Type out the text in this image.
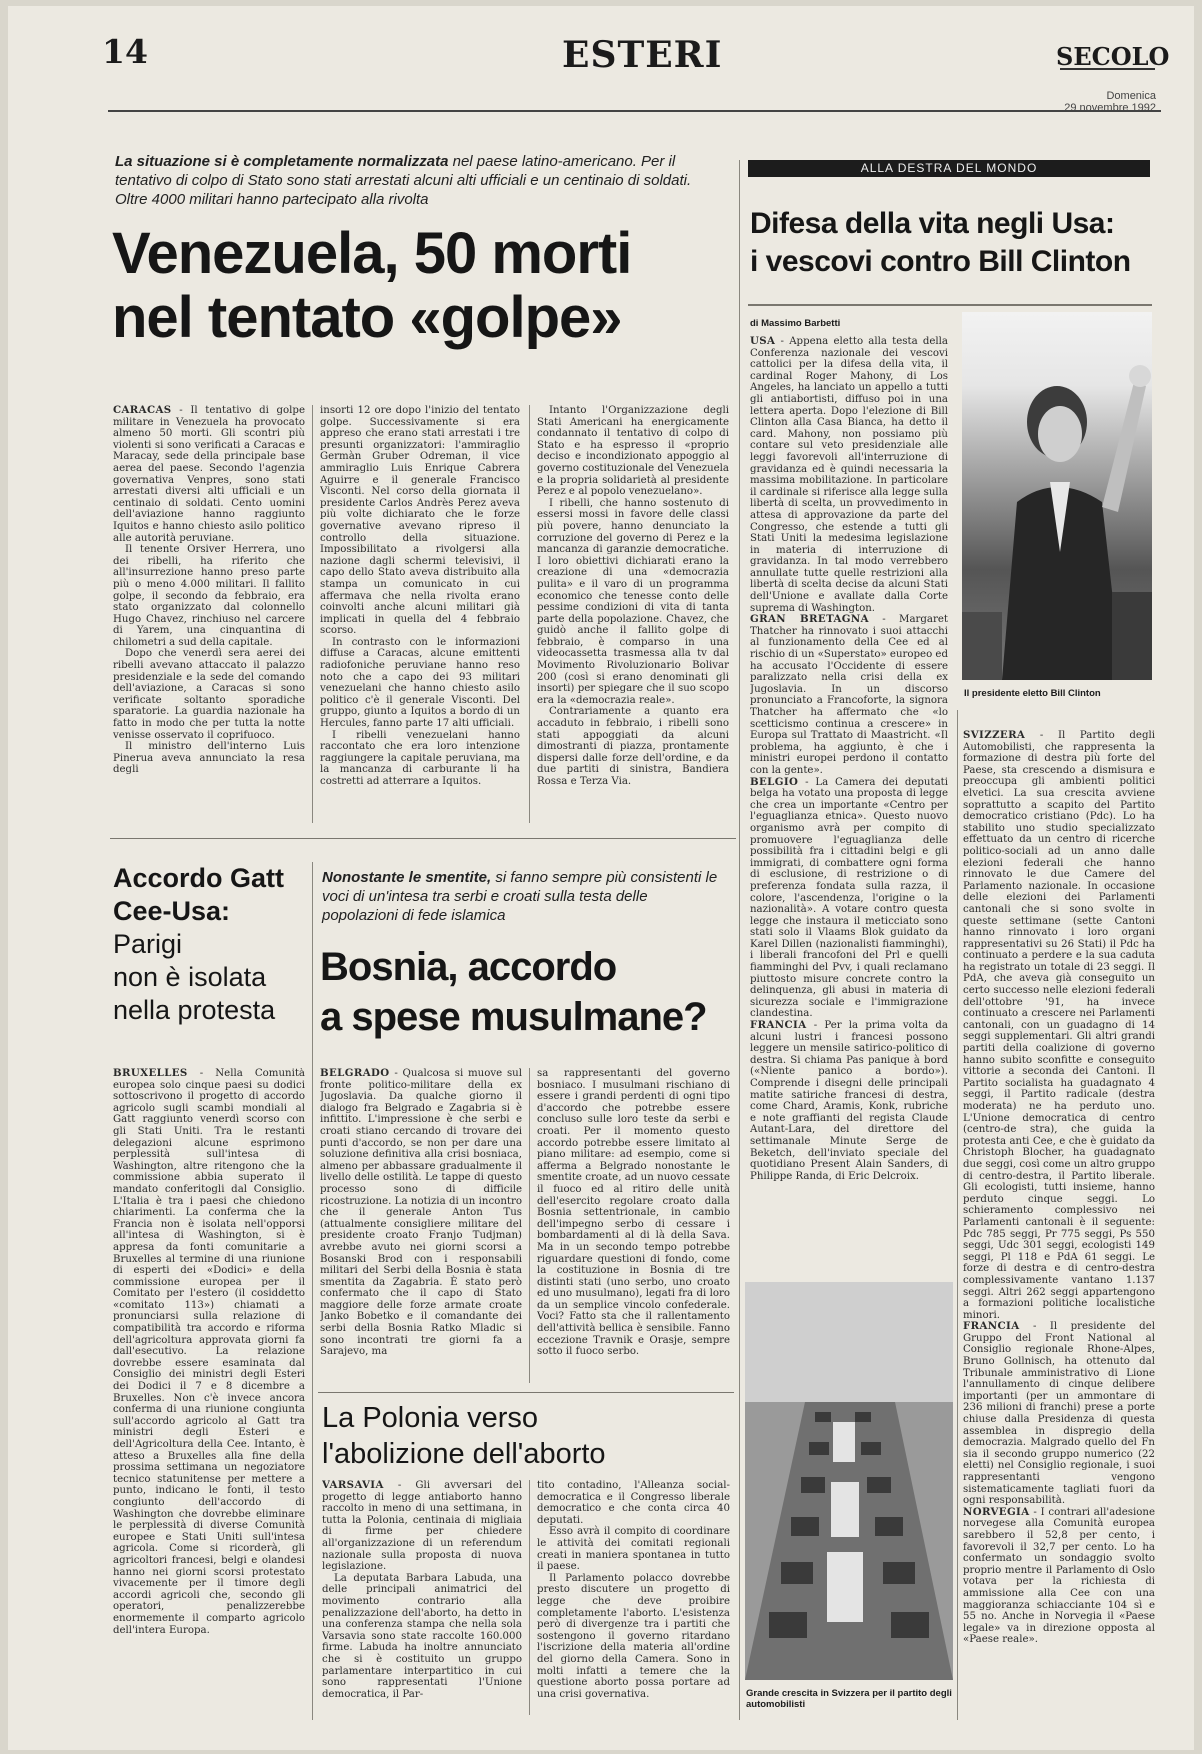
14	ESTERI	SECOLO
Domenica
29 novembre 1992
La situazione si è completamente normalizzata nel paese latino-americano. Per il tentativo di colpo di Stato sono stati arrestati alcuni alti ufficiali e un centinaio di soldati. Oltre 4000 militari hanno partecipato alla rivolta
Venezuela, 50 morti
nel tentato «golpe»
CARACAS - Il tentativo di golpe militare in Venezuela ha provocato almeno 50 morti. Gli scontri più violenti si sono verificati a Caracas e Maracay, sede della principale base aerea del paese. Secondo l'agenzia governativa Venpres, sono stati arrestati diversi alti ufficiali e un centinaio di soldati. Cento uomini dell'aviazione hanno raggiunto Iquitos e hanno chiesto asilo politico alle autorità peruviane.
Il tenente Orsiver Herrera, uno dei ribelli, ha riferito che all'insurrezione hanno preso parte più o meno 4.000 militari. Il fallito golpe, il secondo da febbraio, era stato organizzato dal colonnello Hugo Chavez, rinchiuso nel carcere di Yarem, una cinquantina di chilometri a sud della capitale.
Dopo che venerdì sera aerei dei ribelli avevano attaccato il palazzo presidenziale e la sede del comando dell'aviazione, a Caracas si sono verificate soltanto sporadiche sparatorie. La guardia nazionale ha fatto in modo che per tutta la notte venisse osservato il coprifuoco.
Il ministro dell'interno Luis Pinerua aveva annunciato la resa degli
insorti 12 ore dopo l'inizio del tentato golpe. Successivamente si era appreso che erano stati arrestati i tre presunti organizzatori: l'ammiraglio Germàn Gruber Odreman, il vice ammiraglio Luis Enrique Cabrera Aguirre e il generale Francisco Visconti. Nel corso della giornata il presidente Carlos Andrès Perez aveva più volte dichiarato che le forze governative avevano ripreso il controllo della situazione. Impossibilitato a rivolgersi alla nazione dagli schermi televisivi, il capo dello Stato aveva distribuito alla stampa un comunicato in cui affermava che nella rivolta erano coinvolti anche alcuni militari già implicati in quella del 4 febbraio scorso.
In contrasto con le informazioni diffuse a Caracas, alcune emittenti radiofoniche peruviane hanno reso noto che a capo dei 93 militari venezuelani che hanno chiesto asilo politico c'è il generale Visconti. Del gruppo, giunto a Iquitos a bordo di un Hercules, fanno parte 17 alti ufficiali.
I ribelli venezuelani hanno raccontato che era loro intenzione raggiungere la capitale peruviana, ma la mancanza di carburante li ha costretti ad atterrare a Iquitos.
Intanto l'Organizzazione degli Stati Americani ha energicamente condannato il tentativo di colpo di Stato e ha espresso il «proprio deciso e incondizionato appoggio al governo costituzionale del Venezuela e la propria solidarietà al presidente Perez e al popolo venezuelano».
I ribelli, che hanno sostenuto di essersi mossi in favore delle classi più povere, hanno denunciato la corruzione del governo di Perez e la mancanza di garanzie democratiche. I loro obiettivi dichiarati erano la creazione di una «democrazia pulita» e il varo di un programma economico che tenesse conto delle pessime condizioni di vita di tanta parte della popolazione. Chavez, che guidò anche il fallito golpe di febbraio, è comparso in una videocassetta trasmessa alla tv dal Movimento Rivoluzionario Bolivar 200 (così si erano denominati gli insorti) per spiegare che il suo scopo era la «democrazia reale».
Contrariamente a quanto era accaduto in febbraio, i ribelli sono stati appoggiati da alcuni dimostranti di piazza, prontamente dispersi dalle forze dell'ordine, e da due partiti di sinistra, Bandiera Rossa e Terza Via.
ALLA DESTRA DEL MONDO
Difesa della vita negli Usa:
i vescovi contro Bill Clinton
di Massimo Barbetti
USA - Appena eletto alla testa della Conferenza nazionale dei vescovi cattolici per la difesa della vita, il cardinal Roger Mahony, di Los Angeles, ha lanciato un appello a tutti gli antiabortisti, diffuso poi in una lettera aperta. Dopo l'elezione di Bill Clinton alla Casa Bianca, ha detto il card. Mahony, non possiamo più contare sul veto presidenziale alle leggi favorevoli all'interruzione di gravidanza ed è quindi necessaria la massima mobilitazione. In particolare il cardinale si riferisce alla legge sulla libertà di scelta, un provvedimento in attesa di approvazione da parte del Congresso, che estende a tutti gli Stati Uniti la medesima legislazione in materia di interruzione di gravidanza. In tal modo verrebbero annullate tutte quelle restrizioni alla libertà di scelta decise da alcuni Stati dell'Unione e avallate dalla Corte suprema di Washington.
GRAN BRETAGNA - Margaret Thatcher ha rinnovato i suoi attacchi al funzionamento della Cee ed al rischio di un «Superstato» europeo ed ha accusato l'Occidente di essere paralizzato nella crisi della ex Jugoslavia. In un discorso pronunciato a Francoforte, la signora Thatcher ha affermato che «lo scetticismo continua a crescere» in Europa sul Trattato di Maastricht. «Il problema, ha aggiunto, è che i ministri europei perdono il contatto con la gente».
BELGIO - La Camera dei deputati belga ha votato una proposta di legge che crea un importante «Centro per l'eguaglianza etnica». Questo nuovo organismo avrà per compito di promuovere l'eguaglianza delle possibilità fra i cittadini belgi e gli immigrati, di combattere ogni forma di esclusione, di restrizione o di preferenza fondata sulla razza, il colore, l'ascendenza, l'origine o la nazionalità». A votare contro questa legge che instaura il meticciato sono stati solo il Vlaams Blok guidato da Karel Dillen (nazionalisti fiamminghi), i liberali francofoni del Prl e quelli fiamminghi del Pvv, i quali reclamano piuttosto misure concrete contro la delinquenza, gli abusi in materia di sicurezza sociale e l'immigrazione clandestina.
FRANCIA - Per la prima volta da alcuni lustri i francesi possono leggere un mensile satirico-politico di destra. Si chiama Pas panique à bord («Niente panico a bordo»). Comprende i disegni delle principali matite satiriche francesi di destra, come Chard, Aramis, Konk, rubriche e note graffianti del regista Claude Autant-Lara, del direttore del settimanale Minute Serge de Beketch, dell'inviato speciale del quotidiano Present Alain Sanders, di Philippe Randa, di Eric Delcroix.
Il presidente eletto Bill Clinton
SVIZZERA - Il Partito degli Automobilisti, che rappresenta la formazione di destra più forte del Paese, sta crescendo a dismisura e preoccupa gli ambienti politici elvetici. La sua crescita avviene soprattutto a scapito del Partito democratico cristiano (Pdc). Lo ha stabilito uno studio specializzato effettuato da un centro di ricerche politico-sociali ad un anno dalle elezioni federali che hanno rinnovato le due Camere del Parlamento nazionale. In occasione delle elezioni dei Parlamenti cantonali che si sono svolte in queste settimane (sette Cantoni hanno rinnovato i loro organi rappresentativi su 26 Stati) il Pdc ha continuato a perdere e la sua caduta ha registrato un totale di 23 seggi. Il PdA, che aveva già conseguito un certo successo nelle elezioni federali dell'ottobre '91, ha invece continuato a crescere nei Parlamenti cantonali, con un guadagno di 14 seggi supplementari. Gli altri grandi partiti della coalizione di governo hanno subito sconfitte e conseguito vittorie a seconda dei Cantoni. Il Partito socialista ha guadagnato 4 seggi, il Partito radicale (destra moderata) ne ha perduto uno. L'Unione democratica di centro (centro-de stra), che guida la protesta anti Cee, e che è guidato da Christoph Blocher, ha guadagnato due seggi, così come un altro gruppo di centro-destra, il Partito liberale. Gli ecologisti, tutti insieme, hanno perduto cinque seggi. Lo schieramento complessivo nei Parlamenti cantonali è il seguente: Pdc 785 seggi, Pr 775 seggi, Ps 550 seggi, Udc 301 seggi, ecologisti 149 seggi, Pl 118 e PdA 61 seggi. Le forze di destra e di centro-destra complessivamente vantano 1.137 seggi. Altri 262 seggi appartengono a formazioni politiche localistiche minori.
FRANCIA - Il presidente del Gruppo del Front National al Consiglio regionale Rhone-Alpes, Bruno Gollnisch, ha ottenuto dal Tribunale amministrativo di Lione l'annullamento di cinque delibere importanti (per un ammontare di 236 milioni di franchi) prese a porte chiuse dalla Presidenza di questa assemblea in dispregio della democrazia. Malgrado quello del Fn sia il secondo gruppo numerico (22 eletti) nel Consiglio regionale, i suoi rappresentanti vengono sistematicamente tagliati fuori da ogni responsabilità.
NORVEGIA - I contrari all'adesione norvegese alla Comunità europea sarebbero il 52,8 per cento, i favorevoli il 32,7 per cento. Lo ha confermato un sondaggio svolto proprio mentre il Parlamento di Oslo votava per la richiesta di ammissione alla Cee con una maggioranza schiacciante 104 sì e 55 no. Anche in Norvegia il «Paese legale» va in direzione opposta al «Paese reale».
Grande crescita in Svizzera per il partito degli automobilisti
Accordo Gatt
Cee-Usa:
Parigi
non è isolata
nella protesta
BRUXELLES - Nella Comunità europea solo cinque paesi su dodici sottoscrivono il progetto di accordo agricolo sugli scambi mondiali al Gatt raggiunto venerdì scorso con gli Stati Uniti. Tra le restanti delegazioni alcune esprimono perplessità sull'intesa di Washington, altre ritengono che la commissione abbia superato il mandato conferitogli dal Consiglio. L'Italia è tra i paesi che chiedono chiarimenti. La conferma che la Francia non è isolata nell'opporsi all'intesa di Washington, si è appresa da fonti comunitarie a Bruxelles al termine di una riunione di esperti dei «Dodici» e della commissione europea per il Comitato per l'estero (il cosiddetto «comitato 113») chiamati a pronunciarsi sulla relazione di compatibilità tra accordo e riforma dell'agricoltura approvata giorni fa dall'esecutivo. La relazione dovrebbe essere esaminata dal Consiglio dei ministri degli Esteri dei Dodici il 7 e 8 dicembre a Bruxelles. Non c'è invece ancora conferma di una riunione congiunta sull'accordo agricolo al Gatt tra ministri degli Esteri e dell'Agricoltura della Cee. Intanto, è atteso a Bruxelles alla fine della prossima settimana un negoziatore tecnico statunitense per mettere a punto, indicano le fonti, il testo congiunto dell'accordo di Washington che dovrebbe eliminare le perplessità di diverse Comunità europee e Stati Uniti sull'intesa agricola. Come si ricorderà, gli agricoltori francesi, belgi e olandesi hanno nei giorni scorsi protestato vivacemente per il timore degli accordi agricoli che, secondo gli operatori, penalizzerebbe enormemente il comparto agricolo dell'intera Europa.
Nonostante le smentite, si fanno sempre più consistenti le voci di un'intesa tra serbi e croati sulla testa delle popolazioni di fede islamica
Bosnia, accordo
a spese musulmane?
BELGRADO - Qualcosa si muove sul fronte politico-militare della ex Jugoslavia. Da qualche giorno il dialogo fra Belgrado e Zagabria si è infittito. L'impressione è che serbi e croati stiano cercando di trovare dei punti d'accordo, se non per dare una soluzione definitiva alla crisi bosniaca, almeno per abbassare gradualmente il livello delle ostilità. Le tappe di questo processo sono di difficile ricostruzione. La notizia di un incontro che il generale Anton Tus (attualmente consigliere militare del presidente croato Franjo Tudjman) avrebbe avuto nei giorni scorsi a Bosanski Brod con i responsabili militari del Serbi della Bosnia è stata smentita da Zagabria. È stato però confermato che il capo di Stato maggiore delle forze armate croate Janko Bobetko e il comandante dei serbi della Bosnia Ratko Mladic si sono incontrati tre giorni fa a Sarajevo, ma
sa rappresentanti del governo bosniaco. I musulmani rischiano di essere i grandi perdenti di ogni tipo d'accordo che potrebbe essere concluso sulle loro teste da serbi e croati. Per il momento questo accordo potrebbe essere limitato al piano militare: ad esempio, come si afferma a Belgrado nonostante le smentite croate, ad un nuovo cessate il fuoco ed al ritiro delle unità dell'esercito regolare croato dalla Bosnia settentrionale, in cambio dell'impegno serbo di cessare i bombardamenti al di là della Sava. Ma in un secondo tempo potrebbe riguardare questioni di fondo, come la costituzione in Bosnia di tre distinti stati (uno serbo, uno croato ed uno musulmano), legati fra di loro da un semplice vincolo confederale. Voci? Fatto sta che il rallentamento dell'attività bellica è sensibile. Fanno eccezione Travnik e Orasje, sempre sotto il fuoco serbo.
La Polonia verso
l'abolizione dell'aborto
VARSAVIA - Gli avversari del progetto di legge antiaborto hanno raccolto in meno di una settimana, in tutta la Polonia, centinaia di migliaia di firme per chiedere all'organizzazione di un referendum nazionale sulla proposta di nuova legislazione.
La deputata Barbara Labuda, una delle principali animatrici del movimento contrario alla penalizzazione dell'aborto, ha detto in una conferenza stampa che nella sola Varsavia sono state raccolte 160.000 firme. Labuda ha inoltre annunciato che si è costituito un gruppo parlamentare interpartitico in cui sono rappresentati l'Unione democratica, il Par-
tito contadino, l'Alleanza social-democratica e il Congresso liberale democratico e che conta circa 40 deputati.
Esso avrà il compito di coordinare le attività dei comitati regionali creati in maniera spontanea in tutto il paese.
Il Parlamento polacco dovrebbe presto discutere un progetto di legge che deve proibire completamente l'aborto. L'esistenza però di divergenze tra i partiti che sostengono il governo ritardano l'iscrizione della materia all'ordine del giorno della Camera. Sono in molti infatti a temere che la questione aborto possa portare ad una crisi governativa.
